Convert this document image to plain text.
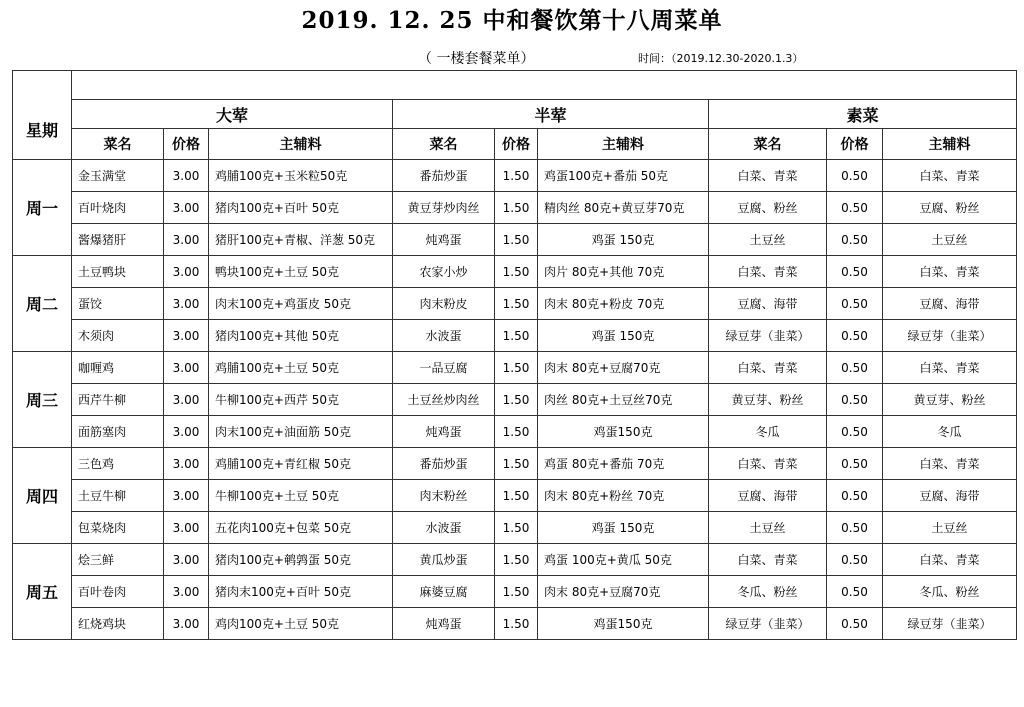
2019. 12. 25 中和餐饮第十八周菜单
（ 一楼套餐菜单）	时间：（2019.12.30-2020.1.3）

星期	大荤			半荤			素菜		
	菜名	价格	主辅料	菜名	价格	主辅料	菜名	价格	主辅料
周一	金玉满堂	3.00	鸡脯100克+玉米粒50克	番茄炒蛋	1.50	鸡蛋100克+番茄 50克	白菜、青菜	0.50	白菜、青菜
	百叶烧肉	3.00	猪肉100克+百叶 50克	黄豆芽炒肉丝	1.50	精肉丝 80克+黄豆芽70克	豆腐、粉丝	0.50	豆腐、粉丝
	酱爆猪肝	3.00	猪肝100克+青椒、洋葱 50克	炖鸡蛋	1.50	鸡蛋 150克	土豆丝	0.50	土豆丝
周二	土豆鸭块	3.00	鸭块100克+土豆 50克	农家小炒	1.50	肉片 80克+其他 70克	白菜、青菜	0.50	白菜、青菜
	蛋饺	3.00	肉末100克+鸡蛋皮 50克	肉末粉皮	1.50	肉末 80克+粉皮 70克	豆腐、海带	0.50	豆腐、海带
	木须肉	3.00	猪肉100克+其他 50克	水波蛋	1.50	鸡蛋 150克	绿豆芽（韭菜）	0.50	绿豆芽（韭菜）
周三	咖喱鸡	3.00	鸡脯100克+土豆 50克	一品豆腐	1.50	肉末 80克+豆腐70克	白菜、青菜	0.50	白菜、青菜
	西芹牛柳	3.00	牛柳100克+西芹 50克	土豆丝炒肉丝	1.50	肉丝 80克+土豆丝70克	黄豆芽、粉丝	0.50	黄豆芽、粉丝
	面筋塞肉	3.00	肉末100克+油面筋 50克	炖鸡蛋	1.50	鸡蛋150克	冬瓜	0.50	冬瓜
周四	三色鸡	3.00	鸡脯100克+青红椒 50克	番茄炒蛋	1.50	鸡蛋 80克+番茄 70克	白菜、青菜	0.50	白菜、青菜
	土豆牛柳	3.00	牛柳100克+土豆 50克	肉末粉丝	1.50	肉末 80克+粉丝 70克	豆腐、海带	0.50	豆腐、海带
	包菜烧肉	3.00	五花肉100克+包菜 50克	水波蛋	1.50	鸡蛋 150克	土豆丝	0.50	土豆丝
周五	烩三鲜	3.00	猪肉100克+鹌鹑蛋 50克	黄瓜炒蛋	1.50	鸡蛋 100克+黄瓜 50克	白菜、青菜	0.50	白菜、青菜
	百叶卷肉	3.00	猪肉末100克+百叶 50克	麻婆豆腐	1.50	肉末 80克+豆腐70克	冬瓜、粉丝	0.50	冬瓜、粉丝
	红烧鸡块	3.00	鸡肉100克+土豆 50克	炖鸡蛋	1.50	鸡蛋150克	绿豆芽（韭菜）	0.50	绿豆芽（韭菜）
